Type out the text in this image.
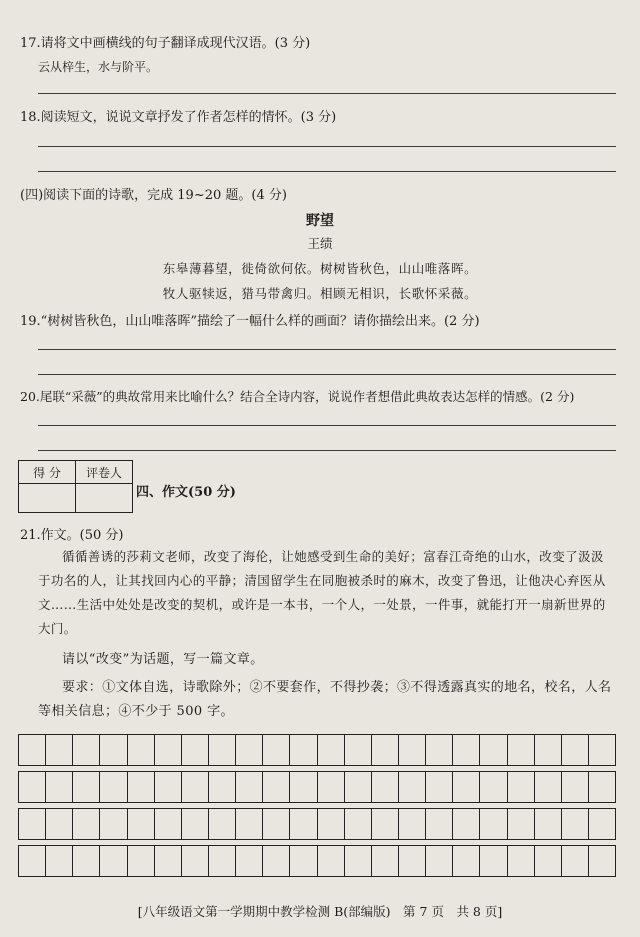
17.请将文中画横线的句子翻译成现代汉语。(3 分)
云从梓生，水与阶平。
18.阅读短文，说说文章抒发了作者怎样的情怀。(3 分)
(四)阅读下面的诗歌，完成 19~20 题。(4 分)
野望
王绩
东皋薄暮望，徙倚欲何依。树树皆秋色，山山唯落晖。
牧人驱犊返，猎马带禽归。相顾无相识，长歌怀采薇。
19.“树树皆秋色，山山唯落晖”描绘了一幅什么样的画面？请你描绘出来。(2 分)
20.尾联“采薇”的典故常用来比喻什么？结合全诗内容，说说作者想借此典故表达怎样的情感。(2 分)
得 分	评卷人

四、作文(50 分)
21.作文。(50 分)
循循善诱的莎莉文老师，改变了海伦，让她感受到生命的美好；富春江奇绝的山水，改变了汲汲于功名的人，让其找回内心的平静；清国留学生在同胞被杀时的麻木，改变了鲁迅，让他决心弃医从文……生活中处处是改变的契机，或许是一本书，一个人，一处景，一件事，就能打开一扇新世界的大门。
请以“改变”为话题，写一篇文章。
要求：①文体自选，诗歌除外；②不要套作，不得抄袭；③不得透露真实的地名，校名，人名等相关信息；④不少于 500 字。
[八年级语文第一学期期中教学检测 B(部编版)　第 7 页　共 8 页]
